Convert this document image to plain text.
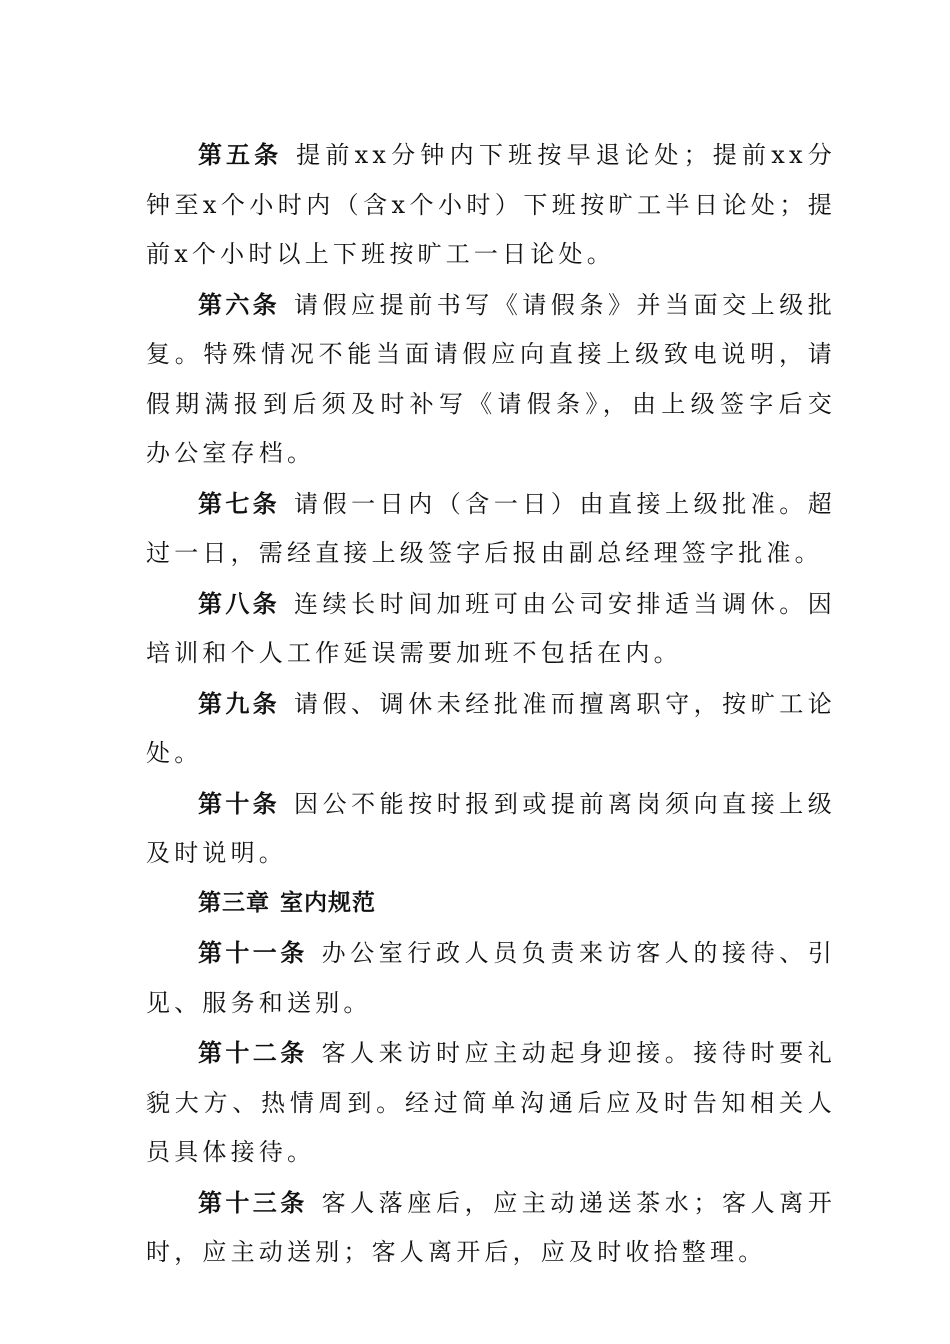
第五条 提前xx分钟内下班按早退论处；提前xx分钟至x个小时内（含x个小时）下班按旷工半日论处；提前x个小时以上下班按旷工一日论处。

第六条 请假应提前书写《请假条》并当面交上级批复。特殊情况不能当面请假应向直接上级致电说明，请假期满报到后须及时补写《请假条》，由上级签字后交办公室存档。

第七条 请假一日内（含一日）由直接上级批准。超过一日，需经直接上级签字后报由副总经理签字批准。

第八条 连续长时间加班可由公司安排适当调休。因培训和个人工作延误需要加班不包括在内。

第九条 请假、调休未经批准而擅离职守，按旷工论处。

第十条 因公不能按时报到或提前离岗须向直接上级及时说明。

第三章 室内规范

第十一条 办公室行政人员负责来访客人的接待、引见、服务和送别。

第十二条 客人来访时应主动起身迎接。接待时要礼貌大方、热情周到。经过简单沟通后应及时告知相关人员具体接待。

第十三条 客人落座后，应主动递送茶水；客人离开时，应主动送别；客人离开后，应及时收拾整理。
